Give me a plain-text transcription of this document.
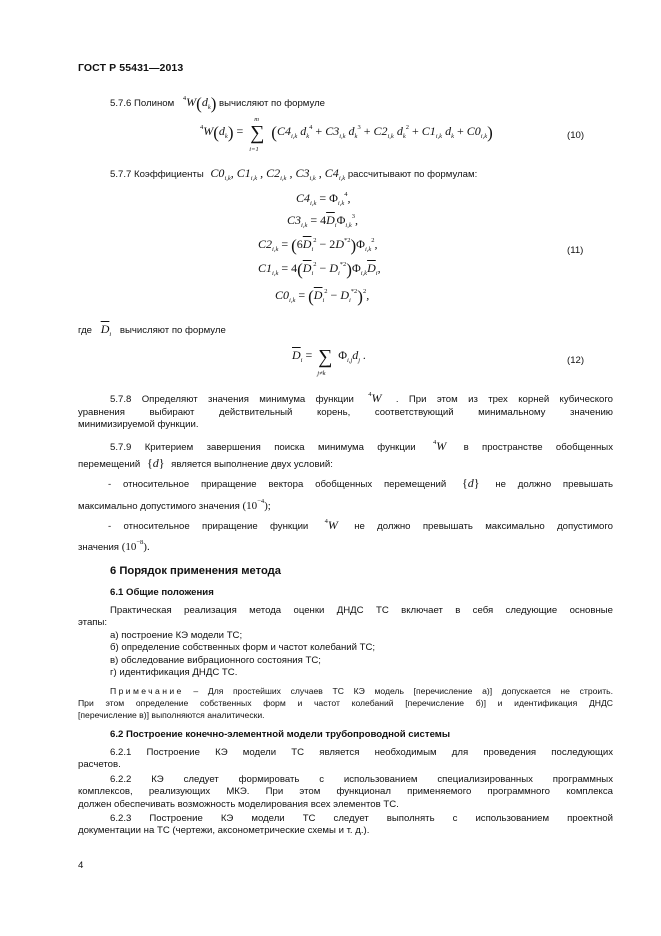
ГОСТ Р 55431—2013
5.7.6 Полином $^4W(d_k)$ вычисляют по формуле
$^4W(d_k)$ =
m
∑
i=1
($C4_{i,k}$ $d_k^4 + C3_{i,k}$ $d_k^3 + C2_{i,k}$ $d_k^2 + C1_{i,k}$ $d_k + C0_{i,k}$)	(10)
5.7.7 Коэффициенты $C0_{i,k}$, $C1_{i,k}$ , $C2_{i,k}$ , $C3_{i,k}$ , $C4_{i,k}$ рассчитывают по формулам:
$C4_{i,k} = \Phi_{i,k}^4$,
$C3_{i,k} = 4\overline{D}_i\Phi_{i,k}^3$,
$C2_{i,k} = (6\overline{D}_i^2 - 2D^{*2})\Phi_{i,k}^2$,	(11)
$C1_{i,k} = 4(\overline{D}_i^2 - D_i^{*2})\Phi_{i,k}\overline{D}_i$,
$C0_{i,k} = (\overline{D}_i^2 - D_i^{*2})^2$,
где $\overline{D}_i$ вычисляют по формуле
$\overline{D}_i$ = ∑
j≠k
$\Phi_{i,j}d_j$ .	(12)
5.7.8 Определяют значения минимума функции $^4$W . При этом из трех корней кубического
уравнения выбирают действительный корень, соответствующий минимальному значению
минимизируемой функции.
5.7.9 Критерием завершения поиска минимума функции	$^4$W в пространстве обобщенных
перемещений {d} является выполнение двух условий:
- относительное приращение вектора обобщенных перемещений {d} не должно превышать
максимально допустимого значения $(10^{-4})$;
- относительное приращение функции	$^4$W не должно превышать максимально допустимого
значения $(10^{-8})$.
6 Порядок применения метода
6.1 Общие положения
Практическая реализация метода оценки ДНДС ТС включает в себя следующие основные
этапы:
а) построение КЭ модели ТС;
б) определение собственных форм и частот колебаний ТС;
в) обследование вибрационного состояния ТС;
г) идентификация ДНДС ТС.
Примечание – Для простейших случаев ТС КЭ модель [перечисление а)] допускается не строить.
При этом определение собственных форм и частот колебаний [перечисление б)] и идентификация ДНДС
[перечисление в)] выполняются аналитически.
6.2 Построение конечно-элементной модели трубопроводной системы
6.2.1 Построение КЭ модели ТС является необходимым для проведения последующих
расчетов.
6.2.2 КЭ следует формировать с использованием специализированных программных
комплексов, реализующих МКЭ. При этом функционал применяемого программного комплекса
должен обеспечивать возможность моделирования всех элементов ТС.
6.2.3 Построение КЭ модели ТС следует выполнять с использованием проектной
документации на ТС (чертежи, аксонометрические схемы и т. д.).
4
